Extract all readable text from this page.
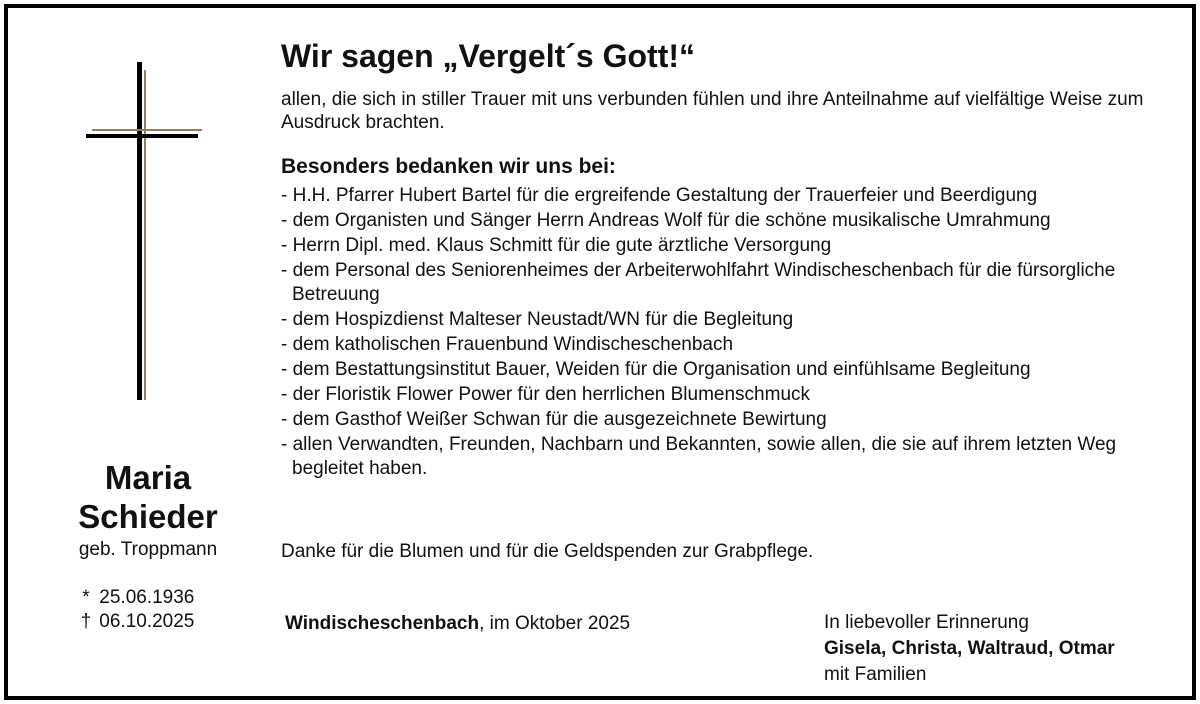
Maria
Schieder
geb. Troppmann
* 25.06.1936
† 06.10.2025
Wir sagen „Vergelt´s Gott!“
allen, die sich in stiller Trauer mit uns verbunden fühlen und ihre Anteilnahme auf vielfältige Weise zum Ausdruck brachten.
Besonders bedanken wir uns bei:
- H.H. Pfarrer Hubert Bartel für die ergreifende Gestaltung der Trauerfeier und Beerdigung
- dem Organisten und Sänger Herrn Andreas Wolf für die schöne musikalische Umrahmung
- Herrn Dipl. med. Klaus Schmitt für die gute ärztliche Versorgung
- dem Personal des Seniorenheimes der Arbeiterwohlfahrt Windischeschenbach für die fürsorgliche Betreuung
- dem Hospizdienst Malteser Neustadt/WN für die Begleitung
- dem katholischen Frauenbund Windischeschenbach
- dem Bestattungsinstitut Bauer, Weiden für die Organisation und einfühlsame Begleitung
- der Floristik Flower Power für den herrlichen Blumenschmuck
- dem Gasthof Weißer Schwan für die ausgezeichnete Bewirtung
- allen Verwandten, Freunden, Nachbarn und Bekannten, sowie allen, die sie auf ihrem letzten Weg begleitet haben.
Danke für die Blumen und für die Geldspenden zur Grabpflege.
Windischeschenbach, im Oktober 2025	In liebevoller Erinnerung
Gisela, Christa, Waltraud, Otmar
mit Familien
